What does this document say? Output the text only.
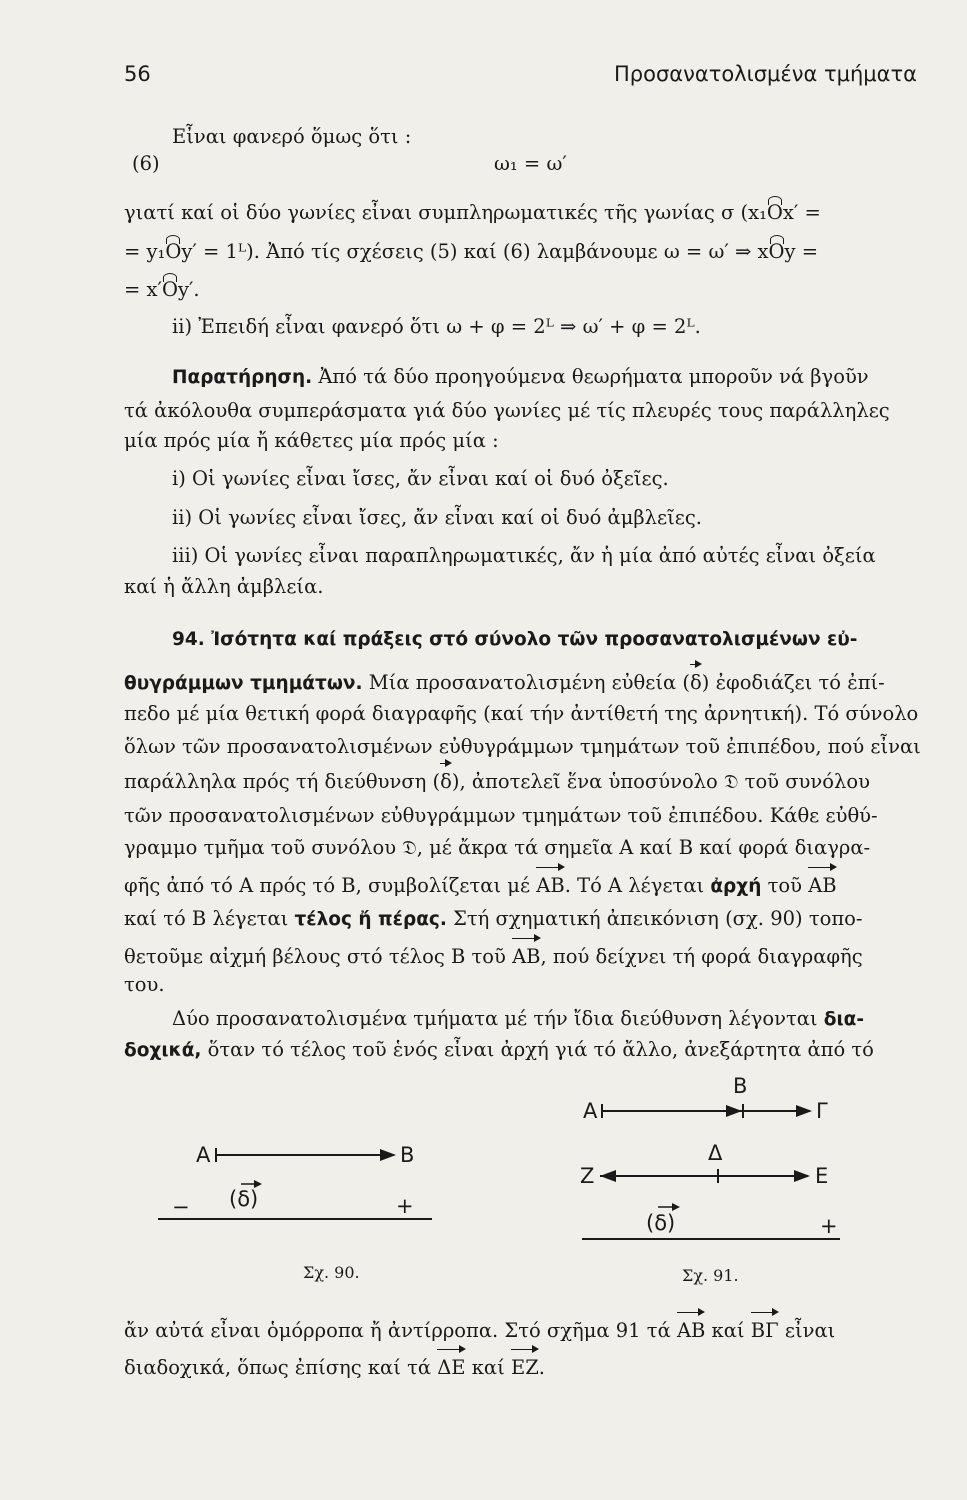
56	Προσανατολισμένα τμήματα
Εἶναι φανερό ὅμως ὅτι :
(6)	ω₁ = ω′
γιατί καί οἱ δύο γωνίες εἶναι συμπληρωματικές τῆς γωνίας σ (x₁Ox′ =
= y₁Oy′ = 1ᴸ). Ἀπό τίς σχέσεις (5) καί (6) λαμβάνουμε ω = ω′ ⇒ xOy =
= x′Oy′.
ii) Ἐπειδή εἶναι φανερό ὅτι ω + φ = 2ᴸ ⇒ ω′ + φ = 2ᴸ.
Παρατήρηση. Ἀπό τά δύο προηγούμενα θεωρήματα μποροῦν νά βγοῦν
τά ἀκόλουθα συμπεράσματα γιά δύο γωνίες μέ τίς πλευρές τους παράλληλες
μία πρός μία ἤ κάθετες μία πρός μία :
i) Οἱ γωνίες εἶναι ἴσες, ἄν εἶναι καί οἱ δυό ὀξεῖες.
ii) Οἱ γωνίες εἶναι ἴσες, ἄν εἶναι καί οἱ δυό ἀμβλεῖες.
iii) Οἱ γωνίες εἶναι παραπληρωματικές, ἄν ἡ μία ἀπό αὐτές εἶναι ὀξεία
καί ἡ ἄλλη ἀμβλεία.
94. Ἰσότητα καί πράξεις στό σύνολο τῶν προσανατολισμένων εὐ-
θυγράμμων τμημάτων. Μία προσανατολισμένη εὐθεία (δ) ἐφοδιάζει τό ἐπί-
πεδο μέ μία θετική φορά διαγραφῆς (καί τήν ἀντίθετή της ἀρνητική). Τό σύνολο
ὅλων τῶν προσανατολισμένων εὐθυγράμμων τμημάτων τοῦ ἐπιπέδου, πού εἶναι
παράλληλα πρός τή διεύθυνση (δ), ἀποτελεῖ ἕνα ὑποσύνολο 𝔇 τοῦ συνόλου
τῶν προσανατολισμένων εὐθυγράμμων τμημάτων τοῦ ἐπιπέδου. Κάθε εὐθύ-
γραμμο τμῆμα τοῦ συνόλου 𝔇, μέ ἄκρα τά σημεῖα A καί B καί φορά διαγρα-
φῆς ἀπό τό A πρός τό B, συμβολίζεται μέ AB. Τό A λέγεται ἀρχή τοῦ AB
καί τό B λέγεται τέλος ἤ πέρας. Στή σχηματική ἀπεικόνιση (σχ. 90) τοπο-
θετοῦμε αἰχμή βέλους στό τέλος B τοῦ AB, πού δείχνει τή φορά διαγραφῆς
του.
Δύο προσανατολισμένα τμήματα μέ τήν ἴδια διεύθυνση λέγονται δια-
δοχικά, ὅταν τό τέλος τοῦ ἑνός εἶναι ἀρχή γιά τό ἄλλο, ἀνεξάρτητα ἀπό τό
A	B
− (δ)	+
Σχ. 90.
B
A	Γ
Δ
Z	E
(δ)	+
Σχ. 91.
ἄν αὐτά εἶναι ὁμόρροπα ἤ ἀντίρροπα. Στό σχῆμα 91 τά AB καί BΓ εἶναι
διαδοχικά, ὅπως ἐπίσης καί τά ΔE καί EZ.
